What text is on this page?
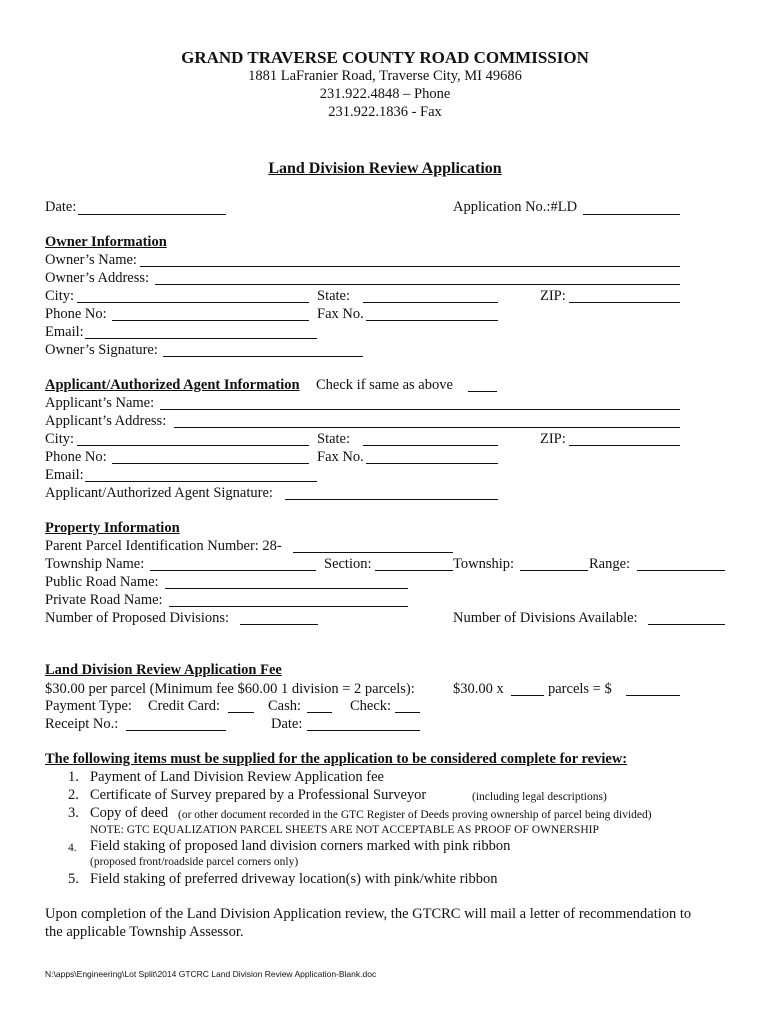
GRAND TRAVERSE COUNTY ROAD COMMISSION
1881 LaFranier Road, Traverse City, MI 49686
231.922.4848 – Phone
231.922.1836 - Fax
Land Division Review Application
Date:	Application No.:#LD
Owner Information
Owner’s Name:
Owner’s Address:
City:	State:	ZIP:
Phone No:	Fax No.
Email:
Owner’s Signature:
Applicant/Authorized Agent Information Check if same as above
Applicant’s Name:
Applicant’s Address:
City:	State:	ZIP:
Phone No:	Fax No.
Email:
Applicant/Authorized Agent Signature:
Property Information
Parent Parcel Identification Number: 28-
Township Name:	Section:	Township:	Range:
Public Road Name:
Private Road Name:
Number of Proposed Divisions:	Number of Divisions Available:
Land Division Review Application Fee
$30.00 per parcel (Minimum fee $60.00 1 division = 2 parcels):	$30.00 x	parcels = $
Payment Type: Credit Card:	Cash:	Check:
Receipt No.:	Date:
The following items must be supplied for the application to be considered complete for review:
1. Payment of Land Division Review Application fee
2. Certificate of Survey prepared by a Professional Surveyor	(including legal descriptions)
3. Copy of deed (or other document recorded in the GTC Register of Deeds proving ownership of parcel being divided)
NOTE: GTC EQUALIZATION PARCEL SHEETS ARE NOT ACCEPTABLE AS PROOF OF OWNERSHIP
4. Field staking of proposed land division corners marked with pink ribbon
(proposed front/roadside parcel corners only)
5. Field staking of preferred driveway location(s) with pink/white ribbon
Upon completion of the Land Division Application review, the GTCRC will mail a letter of recommendation to
the applicable Township Assessor.
N:\apps\Engineering\Lot Split\2014 GTCRC Land Division Review Application-Blank.doc
